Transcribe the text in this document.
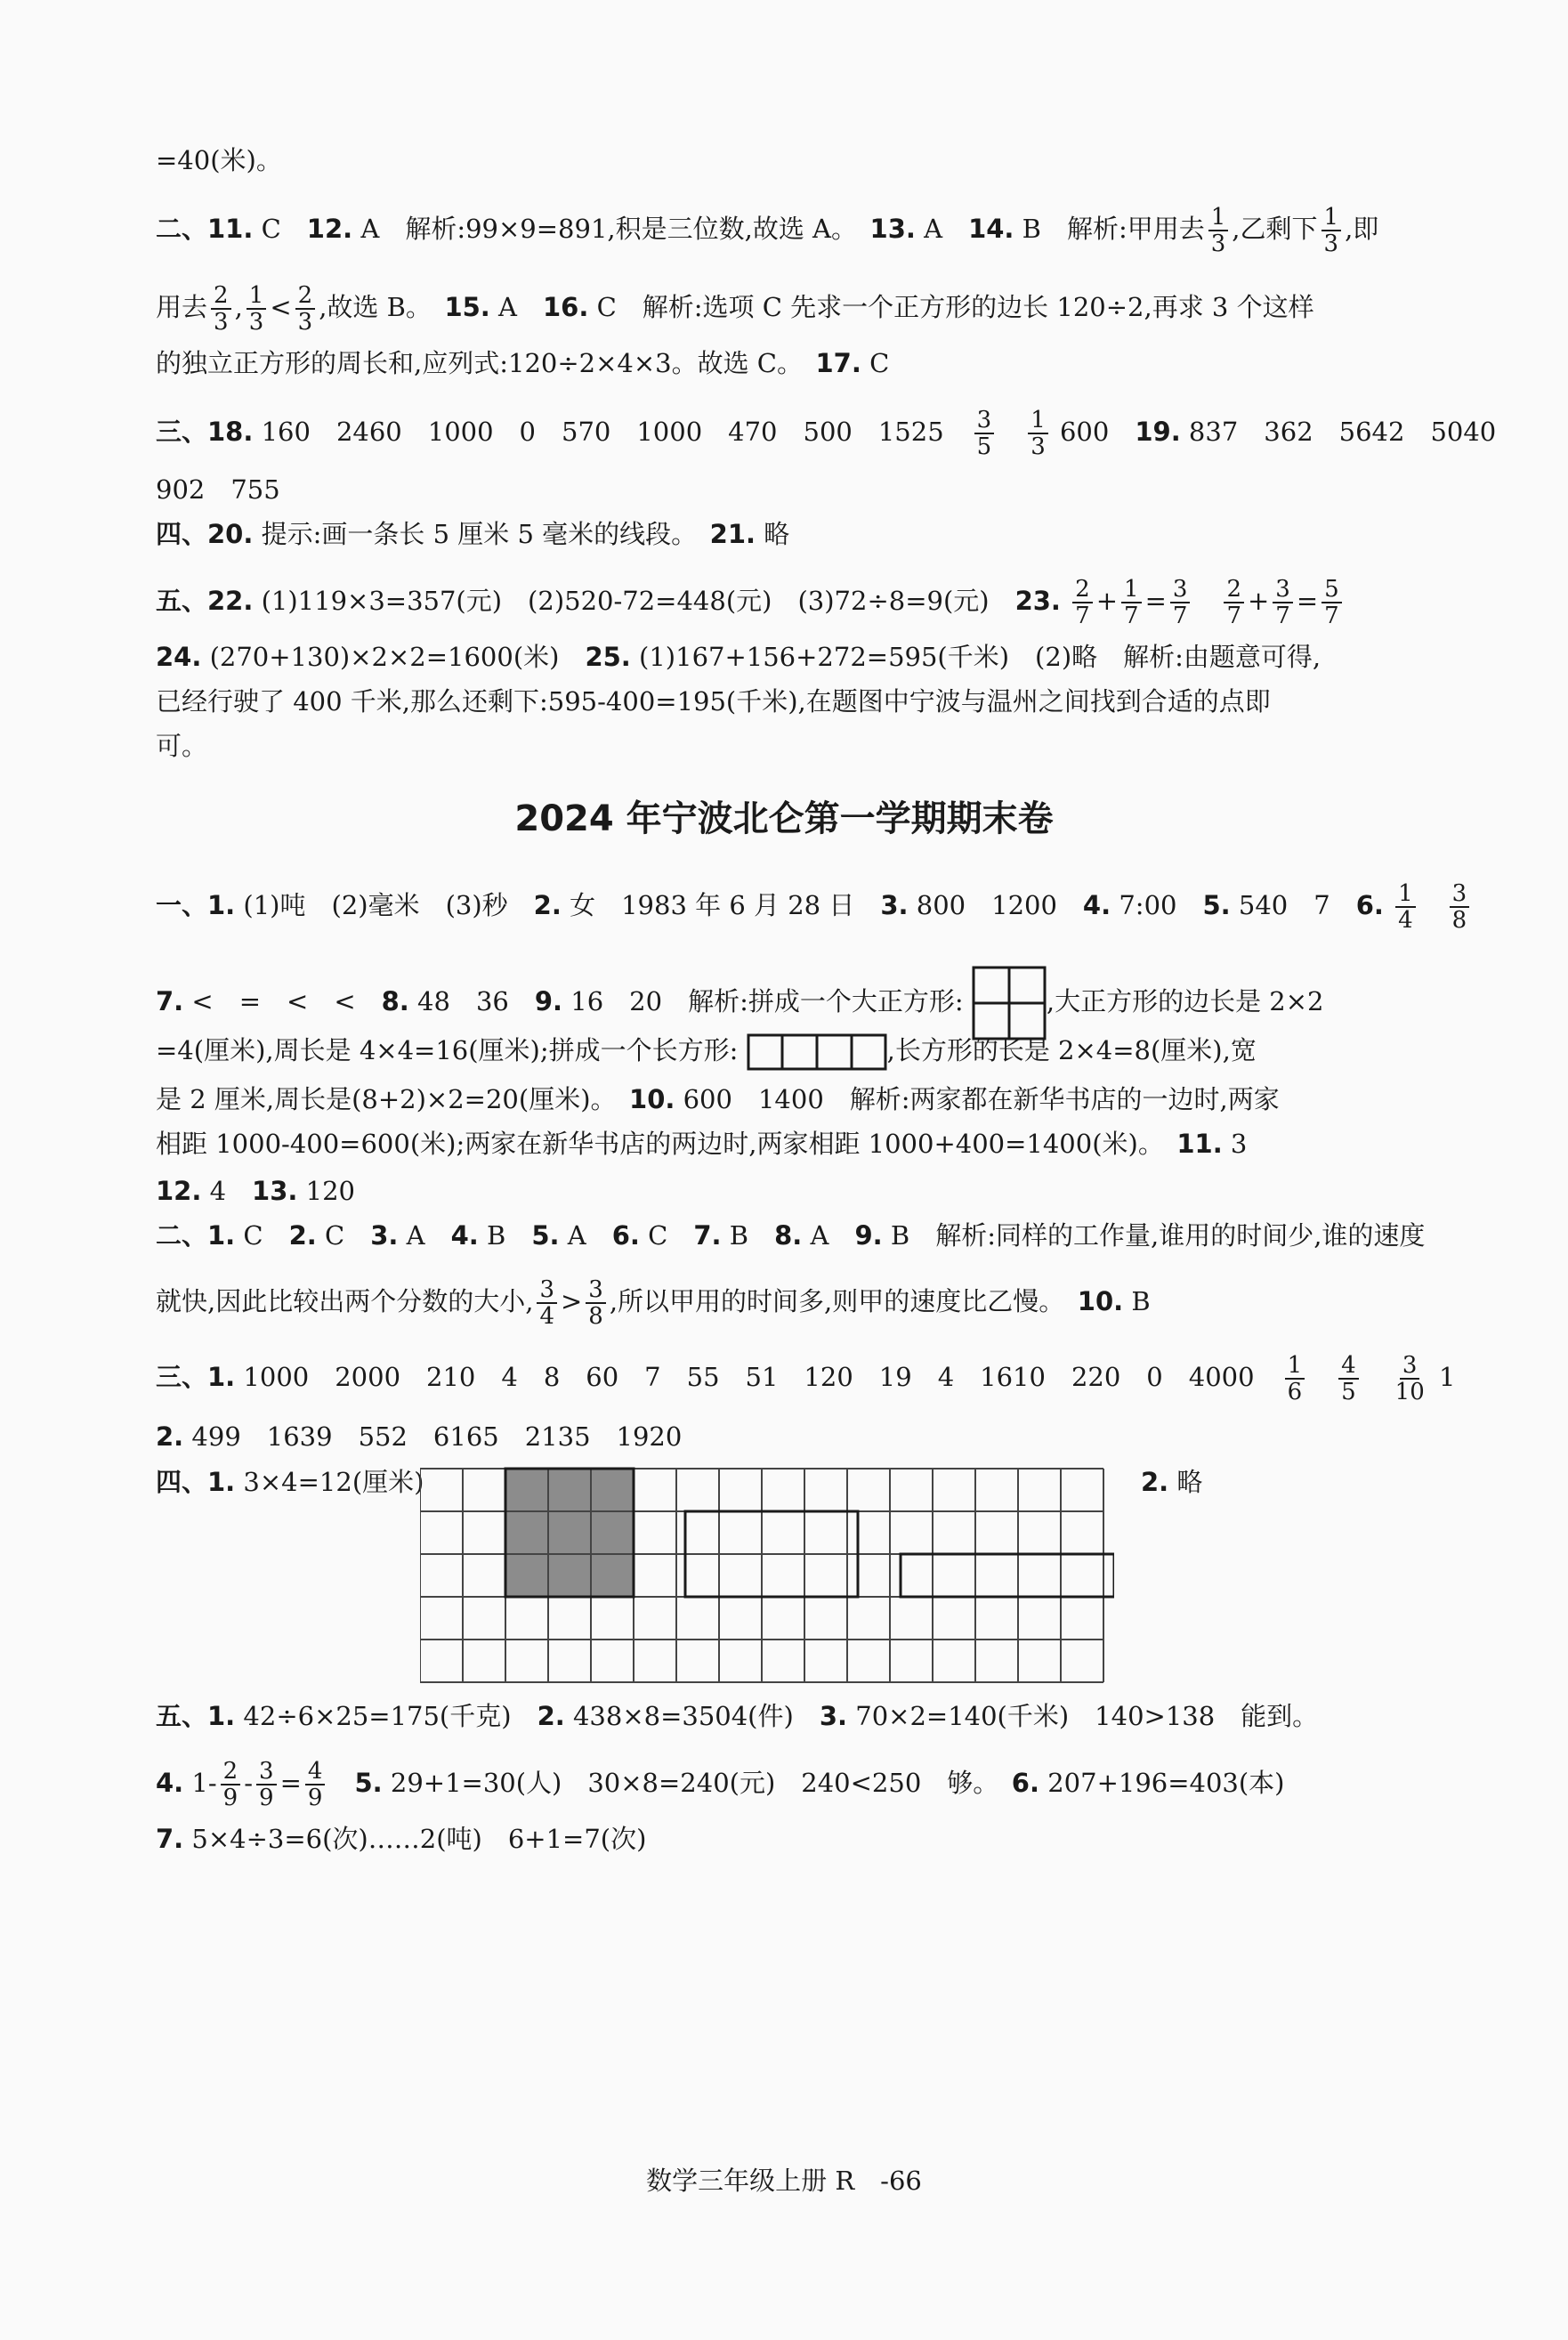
=40(米)。
二、11. C　12. A　解析:99×9=891,积是三位数,故选 A。　13. A　14. B　解析:甲用去 $\frac{1}{3}$ ,乙剩下 $\frac{1}{3}$ ,即
用去 $\frac{2}{3}$ , $\frac{1}{3} < \frac{2}{3}$ ,故选 B。　15. A　16. C　解析:选项 C 先求一个正方形的边长 120÷2,再求 3 个这样
的独立正方形的周长和,应列式:120÷2×4×3。故选 C。　17. C
三、18. 160　2460　1000　0　570　1000　470　500　$1525 \frac{3}{5} \frac{1}{3} 600$　19. 837　362　5642　5040
902　755
四、20. 提示:画一条长 5 厘米 5 毫米的线段。　21. 略
五、22. (1)119×3=357(元)　(2)520-72=448(元)　(3)72÷8=9(元)　23. $\frac{2}{7} + \frac{1}{7} = \frac{3}{7} \frac{2}{7} + \frac{3}{7} = \frac{5}{7}$
24. (270+130)×2×2=1600(米)　25. (1)167+156+272=595(千米)　(2)略　解析:由题意可得,
已经行驶了 400 千米,那么还剩下:595-400=195(千米),在题图中宁波与温州之间找到合适的点即
可。
2024 年宁波北仑第一学期期末卷
一、1. (1)吨　(2)毫米　(3)秒　2. 女　1983 年 6 月 28 日　3. 800　1200　4. 7:00　5. 540　7　6. $\frac{1}{4} \frac{3}{8}$
7. <　=　<　<　8. 48　36　9. 16　20　解析:拼成一个大正方形:	,大正方形的边长是 2×2
=4(厘米),周长是 4×4=16(厘米);拼成一个长方形:	,长方形的长是 2×4=8(厘米),宽
是 2 厘米,周长是(8+2)×2=20(厘米)。　10. 600　1400　解析:两家都在新华书店的一边时,两家
相距 1000-400=600(米);两家在新华书店的两边时,两家相距 1000+400=1400(米)。　11. 3
12. 4　13. 120
二、1. C　2. C　3. A　4. B　5. A　6. C　7. B　8. A　9. B　解析:同样的工作量,谁用的时间少,谁的速度
就快,因此比较出两个分数的大小, $\frac{3}{4} > \frac{3}{8}$ ,所以甲用的时间多,则甲的速度比乙慢。　10. B
三、1. 1000　2000　210　4　8　60　7　55　51　120　19　4　1610　220　0　$4000 \frac{1}{6} \frac{4}{5} \frac{3}{10} 1$
2. 499　1639　552　6165　2135　1920
四、1. 3×4=12(厘米)	2. 略
五、1. 42÷6×25=175(千克)　2. 438×8=3504(件)　3. 70×2=140(千米)　140>138　能到。
4. $1- \frac{2}{9} - \frac{3}{9} = \frac{4}{9}$
　 5. 29+1=30(人)　30×8=240(元)　240<250　够。　6. 207+196=403(本)
7. 5×4÷3=6(次)……2(吨)　6+1=7(次)
数学三年级上册 R　-66
